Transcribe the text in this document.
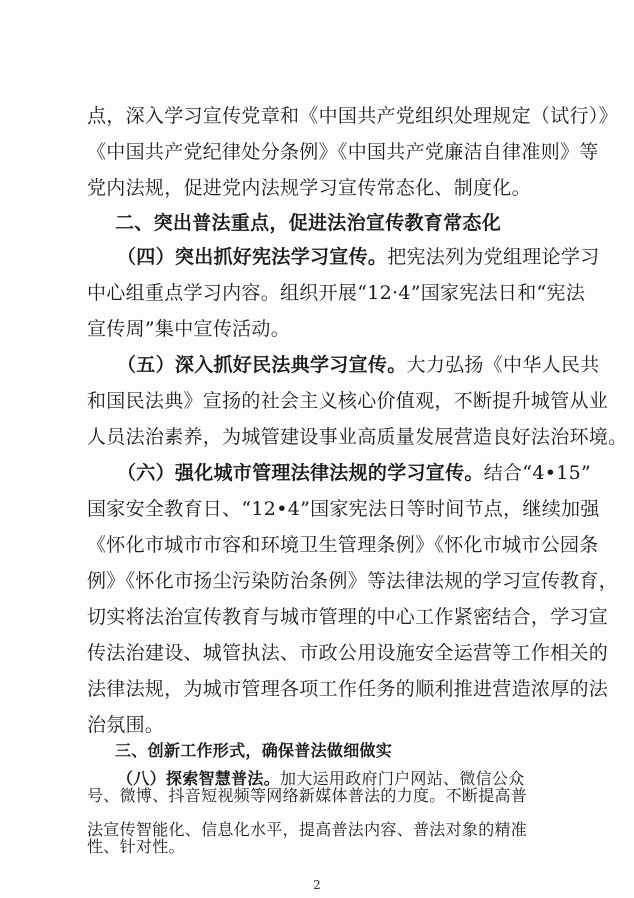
点，深入学习宣传党章和《中国共产党组织处理规定（试行）》
《中国共产党纪律处分条例》《中国共产党廉洁自律准则》等
党内法规，促进党内法规学习宣传常态化、制度化。
二、突出普法重点，促进法治宣传教育常态化
（四）突出抓好宪法学习宣传。把宪法列为党组理论学习
中心组重点学习内容。组织开展“12·4”国家宪法日和“宪法
宣传周”集中宣传活动。
（五）深入抓好民法典学习宣传。大力弘扬《中华人民共
和国民法典》宣扬的社会主义核心价值观，不断提升城管从业
人员法治素养，为城管建设事业高质量发展营造良好法治环境。
（六）强化城市管理法律法规的学习宣传。结合“4•15”
国家安全教育日、“12•4”国家宪法日等时间节点，继续加强
《怀化市城市市容和环境卫生管理条例》《怀化市城市公园条
例》《怀化市扬尘污染防治条例》等法律法规的学习宣传教育，
切实将法治宣传教育与城市管理的中心工作紧密结合，学习宣
传法治建设、城管执法、市政公用设施安全运营等工作相关的
法律法规，为城市管理各项工作任务的顺利推进营造浓厚的法
治氛围。
三、创新工作形式，确保普法做细做实
（八）探索智慧普法。加大运用政府门户网站、微信公众
号、微博、抖音短视频等网络新媒体普法的力度。不断提高普
2
法宣传智能化、信息化水平，提高普法内容、普法对象的精准
性、针对性。
